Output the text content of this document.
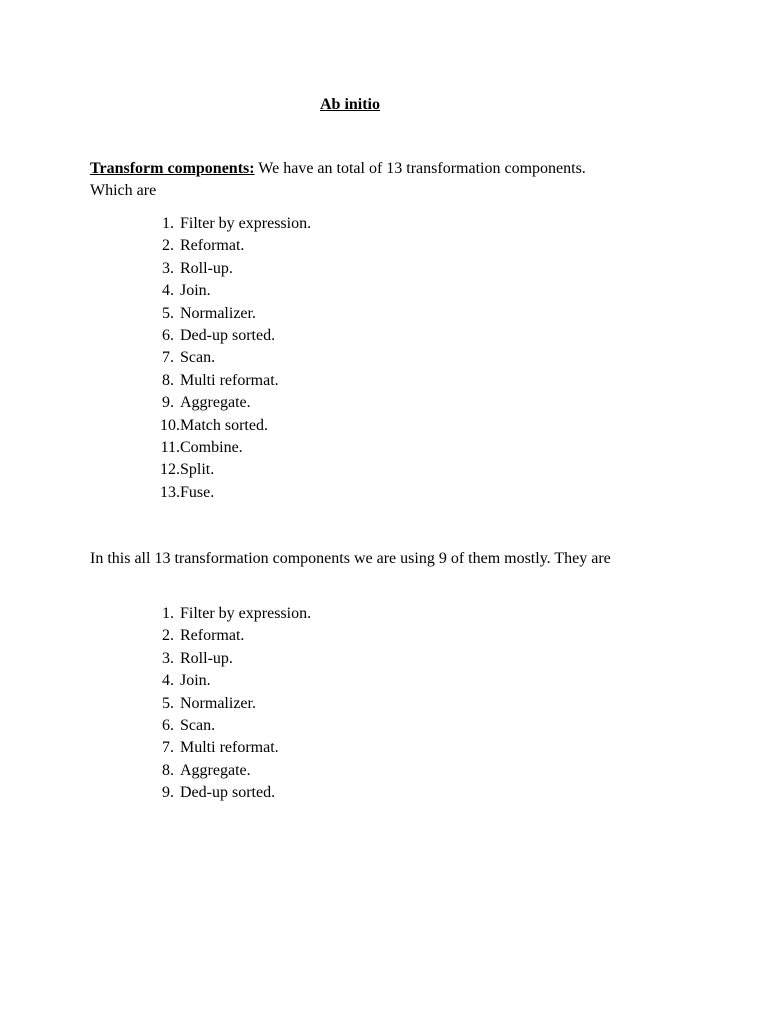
Ab initio
Transform components: We have an total of 13 transformation components.
Which are
1. Filter by expression.
2. Reformat.
3. Roll-up.
4. Join.
5. Normalizer.
6. Ded-up sorted.
7. Scan.
8. Multi reformat.
9. Aggregate.
10.Match sorted.
11.Combine.
12.Split.
13.Fuse.
In this all 13 transformation components we are using 9 of them mostly. They are
1. Filter by expression.
2. Reformat.
3. Roll-up.
4. Join.
5. Normalizer.
6. Scan.
7. Multi reformat.
8. Aggregate.
9. Ded-up sorted.
